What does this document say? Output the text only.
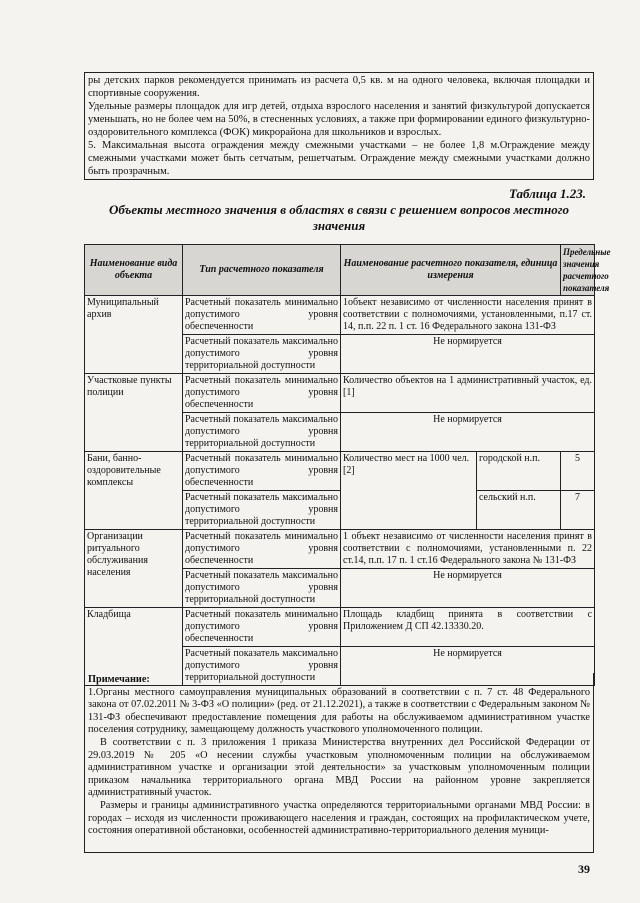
ры детских парков рекомендуется принимать из расчета 0,5 кв. м на одного человека, включая площадки и спортивные сооружения.

Удельные размеры площадок для игр детей, отдыха взрослого населения и занятий физкультурой допускается уменьшать, но не более чем на 50%, в стесненных условиях, а также при формировании единого физкультурно-оздоровительного комплекса (ФОК) микрорайона для школьников и взрослых.

5. Максимальная высота ограждения между смежными участками – не более 1,8 м.Ограждение между смежными участками может быть сетчатым, решетчатым. Ограждение между смежными участками должно быть прозрачным.

Таблица 1.23.
Объекты местного значения в областях в связи с решением вопросов местного значения
Наименование вида объекта	Тип расчетного показателя	Наименование расчетного показателя, единица измерения		Предельные значения расчетного показателя
Муниципальный архив	Расчетный показатель минимально допустимого уровня обеспеченности	1объект независимо от численности населения принят в соответствии с полномочиями, установленными, п.17 ст. 14, п.п. 22 п. 1 ст. 16 Федерального закона 131-ФЗ		
	Расчетный показатель максимально допустимого уровня территориальной доступности	Не нормируется		
Участковые пункты полиции	Расчетный показатель минимально допустимого уровня обеспеченности	Количество объектов на 1 административный участок, ед. [1]		
	Расчетный показатель максимально допустимого уровня территориальной доступности	Не нормируется		
Бани, банно-оздоровительные комплексы	Расчетный показатель минимально допустимого уровня обеспеченности	Количество мест на 1000 чел. [2]	городской н.п.	5
	Расчетный показатель максимально допустимого уровня территориальной доступности		сельский н.п.	7
Организации ритуального обслуживания населения	Расчетный показатель минимально допустимого уровня обеспеченности	1 объект независимо от численности населения принят в соответствии с полномочиями, установленными п. 22 ст.14, п.п. 17 п. 1 ст.16 Федерального закона № 131-ФЗ		
	Расчетный показатель максимально допустимого уровня территориальной доступности	Не нормируется		
Кладбища	Расчетный показатель минимально допустимого уровня обеспеченности	Площадь кладбищ принята в соответствии с Приложением Д СП 42.13330.20.		
	Расчетный показатель максимально допустимого уровня территориальной доступности	Не нормируется		

Примечание:

1.Органы местного самоуправления муниципальных образований в соответствии с п. 7 ст. 48 Федерального закона от 07.02.2011 № 3-ФЗ «О полиции» (ред. от 21.12.2021), а также в соответствии с Федеральным законом № 131-ФЗ обеспечивают предоставление помещения для работы на обслуживаемом административном участке поселения сотруднику, замещающему должность участкового уполномоченного полиции.

В соответствии с п. 3 приложения 1 приказа Министерства внутренних дел Российской Федерации от 29.03.2019 № 205 «О несении службы участковым уполномоченным полиции на обслуживаемом административном участке и организации этой деятельности» за участковым уполномоченным полиции приказом начальника территориального органа МВД России на районном уровне закрепляется административный участок.

Размеры и границы административного участка определяются территориальными органами МВД России: в городах – исходя из численности проживающего населения и граждан, состоящих на профилактическом учете, состояния оперативной обстановки, особенностей административно-территориального деления муници-

39
